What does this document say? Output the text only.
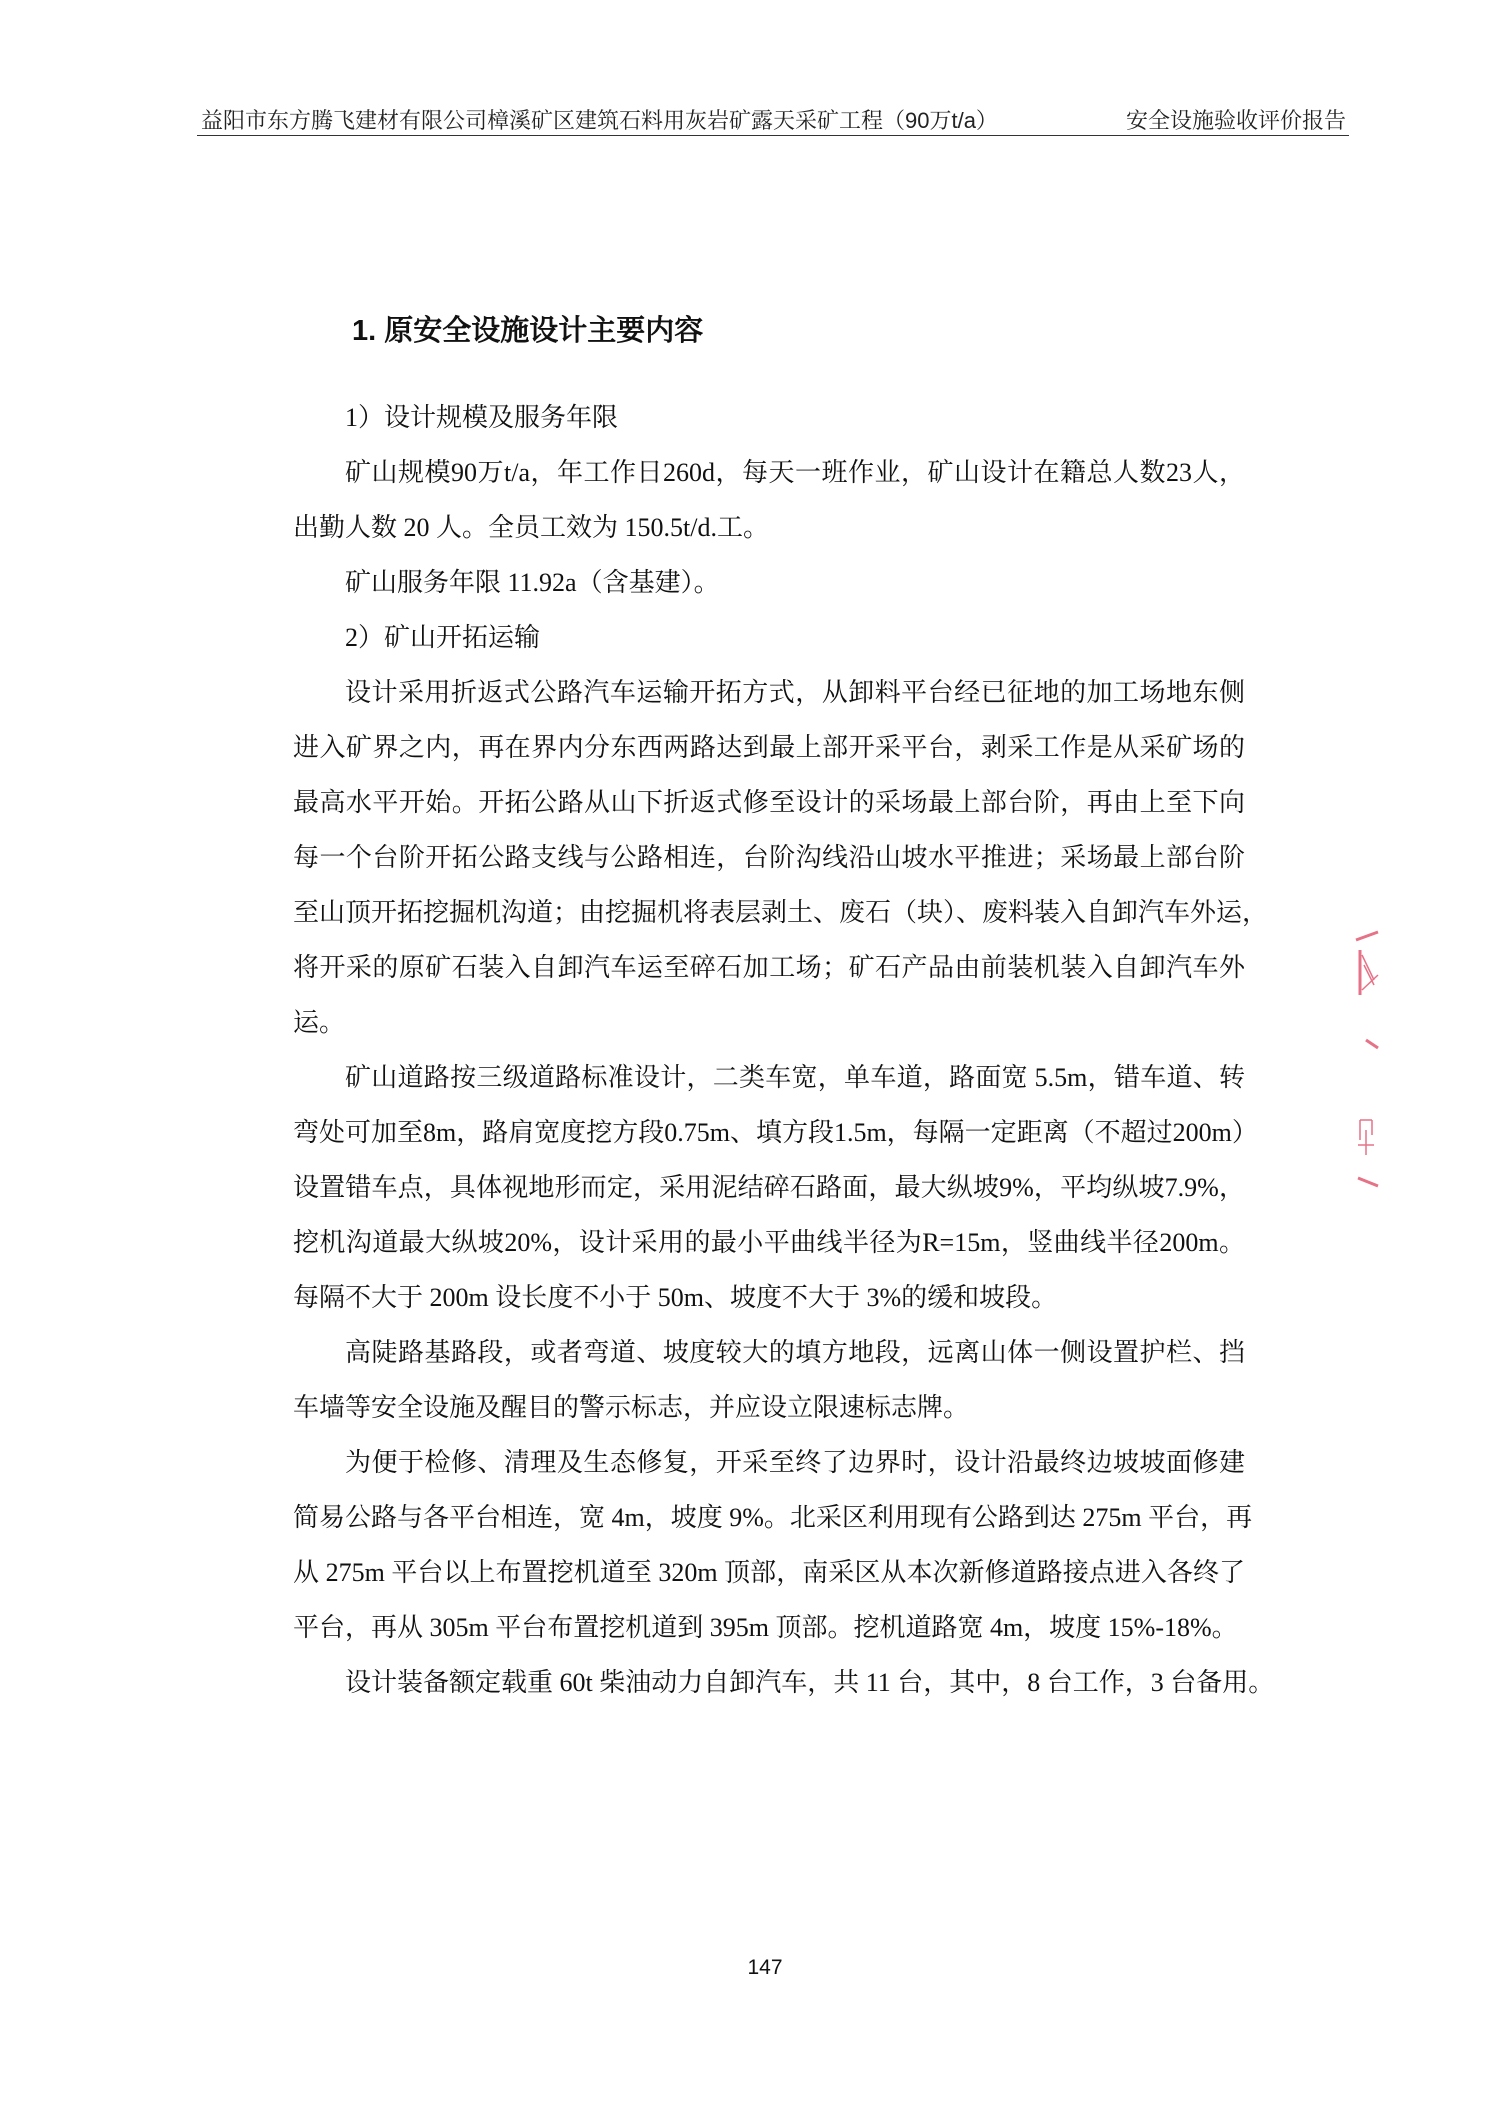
益阳市东方腾飞建材有限公司樟溪矿区建筑石料用灰岩矿露天采矿工程（90万t/a）	安全设施验收评价报告
1. 原安全设施设计主要内容
1）设计规模及服务年限
矿山规模90万t/a，年工作日260d，每天一班作业，矿山设计在籍总人数23人，
出勤人数 20 人。全员工效为 150.5t/d.工。
矿山服务年限 11.92a（含基建）。
2）矿山开拓运输
设计采用折返式公路汽车运输开拓方式，从卸料平台经已征地的加工场地东侧
进入矿界之内，再在界内分东西两路达到最上部开采平台，剥采工作是从采矿场的
最高水平开始。开拓公路从山下折返式修至设计的采场最上部台阶，再由上至下向
每一个台阶开拓公路支线与公路相连，台阶沟线沿山坡水平推进；采场最上部台阶
至山顶开拓挖掘机沟道；由挖掘机将表层剥土、废石（块）、废料装入自卸汽车外运，
将开采的原矿石装入自卸汽车运至碎石加工场；矿石产品由前装机装入自卸汽车外
运。
矿山道路按三级道路标准设计，二类车宽，单车道，路面宽 5.5m，错车道、转
弯处可加至8m，路肩宽度挖方段0.75m、填方段1.5m，每隔一定距离（不超过200m）
设置错车点，具体视地形而定，采用泥结碎石路面，最大纵坡9%，平均纵坡7.9%，
挖机沟道最大纵坡20%，设计采用的最小平曲线半径为R=15m，竖曲线半径200m。
每隔不大于 200m 设长度不小于 50m、坡度不大于 3%的缓和坡段。
高陡路基路段，或者弯道、坡度较大的填方地段，远离山体一侧设置护栏、挡
车墙等安全设施及醒目的警示标志，并应设立限速标志牌。
为便于检修、清理及生态修复，开采至终了边界时，设计沿最终边坡坡面修建
简易公路与各平台相连，宽 4m，坡度 9%。北采区利用现有公路到达 275m 平台，再
从 275m 平台以上布置挖机道至 320m 顶部，南采区从本次新修道路接点进入各终了
平台，再从 305m 平台布置挖机道到 395m 顶部。挖机道路宽 4m，坡度 15%-18%。
设计装备额定载重 60t 柴油动力自卸汽车，共 11 台，其中，8 台工作，3 台备用。
147
